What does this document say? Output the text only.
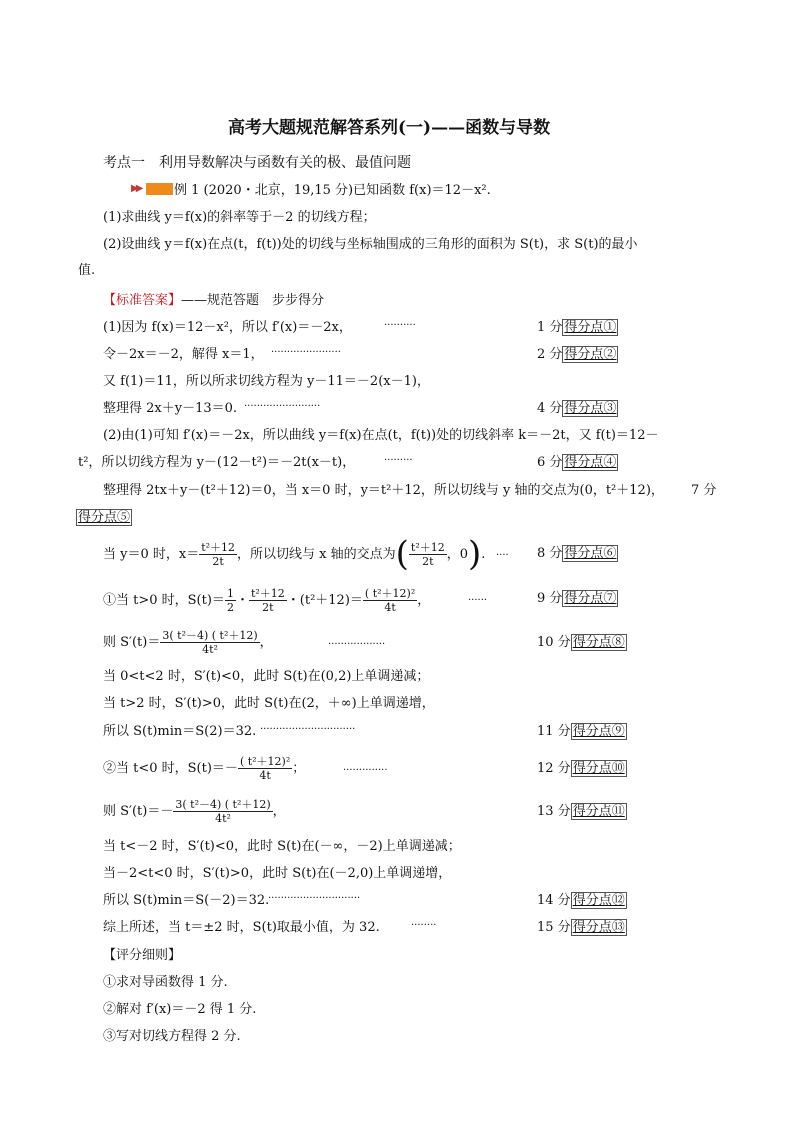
高考大题规范解答系列(一)——函数与导数
考点一　利用导数解决与函数有关的极、最值问题
▶▶	例 1 (2020・北京，19,15 分)已知函数 f(x)＝12－x².
(1)求曲线 y＝f(x)的斜率等于－2 的切线方程；
(2)设曲线 y＝f(x)在点(t，f(t))处的切线与坐标轴围成的三角形的面积为 S(t)，求 S(t)的最小
值.
【标准答案】——规范答题　步步得分
(1)因为 f(x)＝12－x²，所以 f′(x)＝－2x，	··········	1 分 得分点①
令－2x＝－2，解得 x＝1， ······················	2 分 得分点②
又 f(1)＝11，所以所求切线方程为 y－11＝－2(x－1)，
整理得 2x＋y－13＝0. ························	4 分 得分点③
(2)由(1)可知 f′(x)＝－2x，所以曲线 y＝f(x)在点(t，f(t))处的切线斜率 k＝－2t，又 f(t)＝12－
t²，所以切线方程为 y－(12－t²)＝－2t(x－t)，	·········	6 分 得分点④
整理得 2tx＋y－(t²＋12)＝0，当 x＝0 时，y＝t²＋12，所以切线与 y 轴的交点为(0，t²＋12)， 7 分
得分点⑤
当 y＝0 时，$x= \frac{\text{t²＋12}}{2t}$ ，所以切线与 x 轴的交点为 ( $\frac{\text{t²＋12}}{2t}$ ，0 ) . ···· 8 分 得分点⑥
①当 t>0 时，$S(t)= \frac{1}{2}$ ・ $\frac{\text{t²＋12}}{2t}$ ・$(t^2+12)= \frac{\text{( t²＋12)²}}{4t}$ ，	······	9 分 得分点⑦
则 $S'(t)= \frac{\text{3( t²－4) ( t²＋12)}}{\text{4t²}}$ ，	··················	10 分 得分点⑧
当 0<t<2 时，S′(t)<0，此时 S(t)在(0,2)上单调递减；
当 t>2 时，S′(t)>0，此时 S(t)在(2，＋∞)上单调递增，
所以 S(t)min＝S(2)＝32. ······························	11 分 得分点⑨
②当 t<0 时，$S(t)=- \frac{\text{( t²＋12)²}}{4t}$ ；	··············	12 分 得分点⑩
则 $S'(t)=- \frac{\text{3( t²－4) ( t²＋12)}}{\text{4t²}}$ ，	13 分 得分点⑪
当 t<－2 时，S′(t)<0，此时 S(t)在(－∞，－2)上单调递减；
当－2<t<0 时，S′(t)>0，此时 S(t)在(－2,0)上单调递增，
所以 S(t)min＝S(－2)＝32.
·····························	14 分 得分点⑫
综上所述，当 t＝±2 时，S(t)取最小值，为 32.	········	15 分 得分点⑬
【评分细则】
①求对导函数得 1 分.
②解对 f′(x)＝－2 得 1 分.
③写对切线方程得 2 分.
